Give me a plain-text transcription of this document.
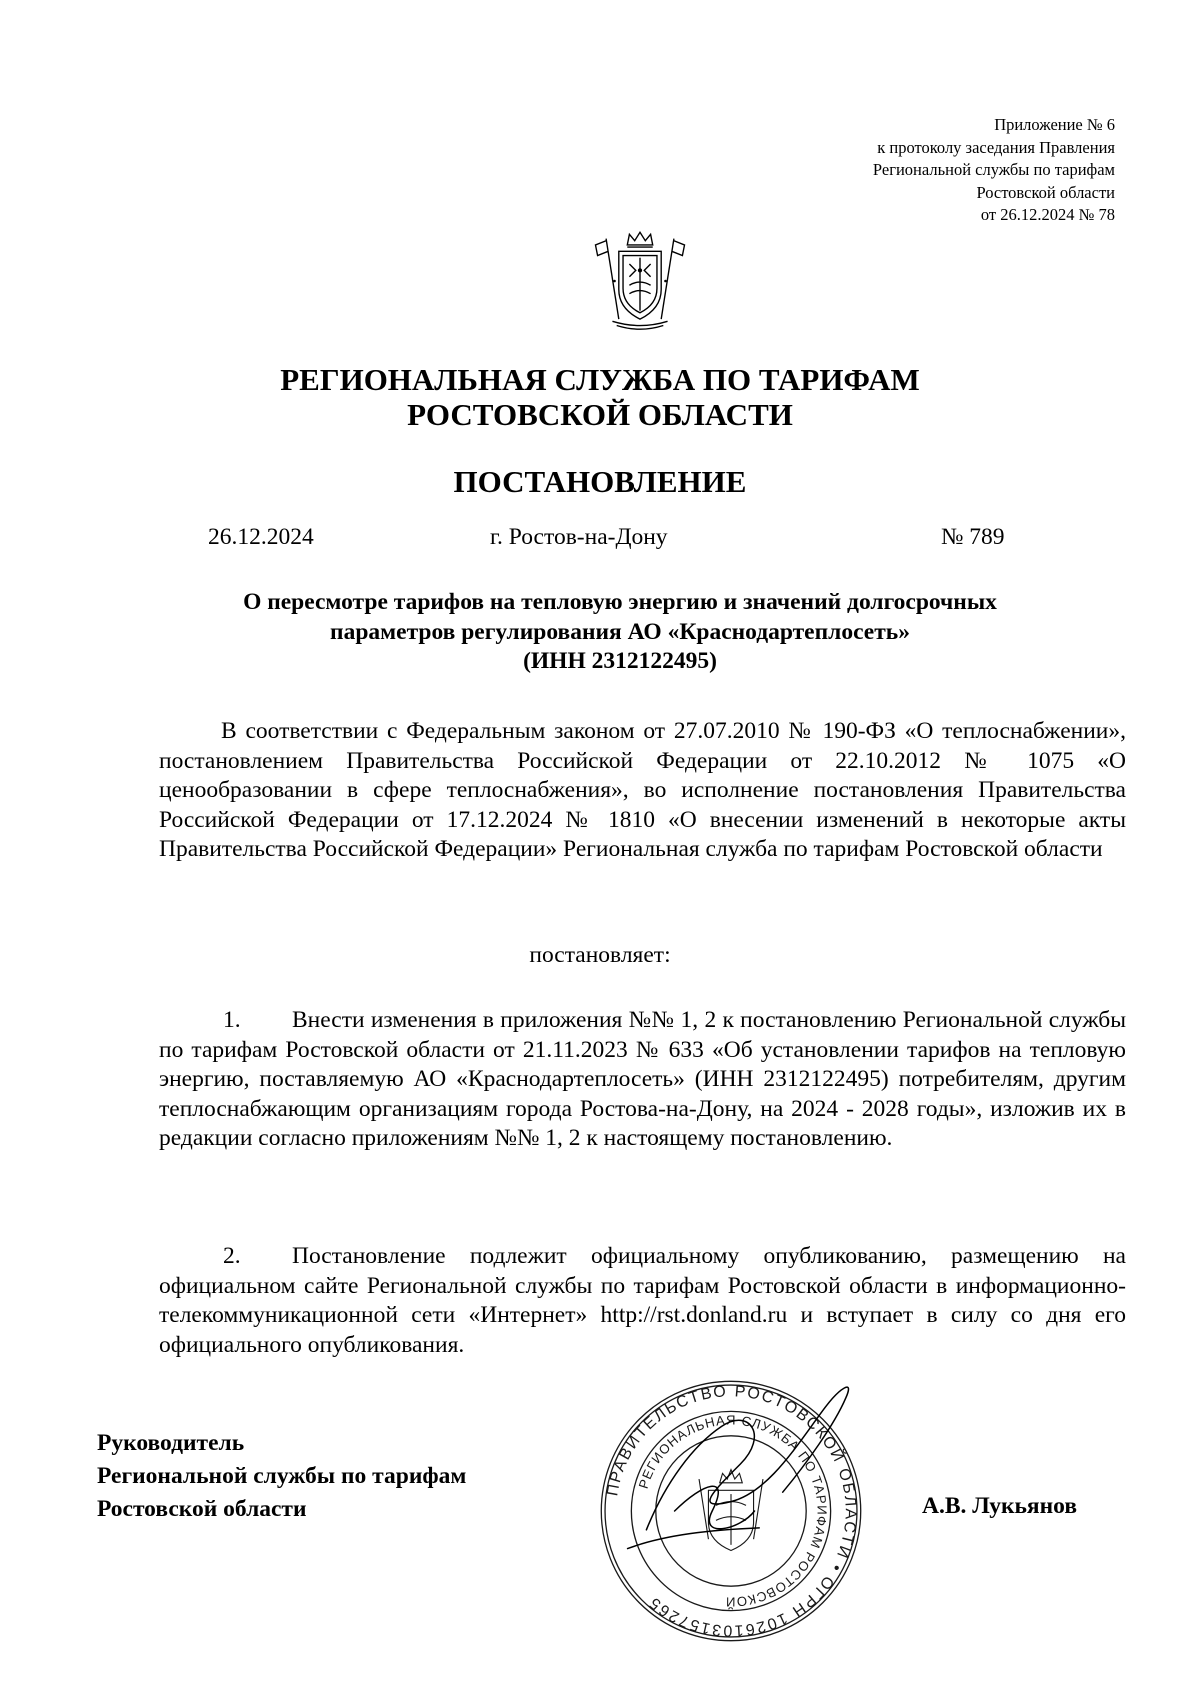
Приложение № 6
к протоколу заседания Правления
Региональной службы по тарифам
Ростовской области
от 26.12.2024 № 78
РЕГИОНАЛЬНАЯ СЛУЖБА ПО ТАРИФАМ
РОСТОВСКОЙ ОБЛАСТИ
ПОСТАНОВЛЕНИЕ
26.12.2024	г. Ростов-на-Дону	№ 789
О пересмотре тарифов на тепловую энергию и значений долгосрочных
параметров регулирования АО «Краснодартеплосеть»
(ИНН 2312122495)
В соответствии с Федеральным законом от 27.07.2010 № 190-ФЗ «О теплоснабжении», постановлением Правительства Российской Федерации от 22.10.2012 № 1075 «О ценообразовании в сфере теплоснабжения», во исполнение постановления Правительства Российской Федерации от 17.12.2024 № 1810 «О внесении изменений в некоторые акты Правительства Российской Федерации» Региональная служба по тарифам Ростовской области
постановляет:
1. Внести изменения в приложения №№ 1, 2 к постановлению Региональной службы по тарифам Ростовской области от 21.11.2023 № 633 «Об установлении тарифов на тепловую энергию, поставляемую АО «Краснодартеплосеть» (ИНН 2312122495) потребителям, другим теплоснабжающим организациям города Ростова-на-Дону, на 2024 - 2028 годы», изложив их в редакции согласно приложениям №№ 1, 2 к настоящему постановлению.
2. Постановление подлежит официальному опубликованию, размещению на официальном сайте Региональной службы по тарифам Ростовской области в информационно-телекоммуникационной сети «Интернет» http://rst.donland.ru и вступает в силу со дня его официального опубликования.
Руководитель
Региональной службы по тарифам
Ростовской области
ПРАВИТЕЛЬСТВО РОСТОВСКОЙ ОБЛАСТИ • ОГРН 1026103157265
РЕГИОНАЛЬНАЯ СЛУЖБА ПО ТАРИФАМ РОСТОВСКОЙ
А.В. Лукьянов
